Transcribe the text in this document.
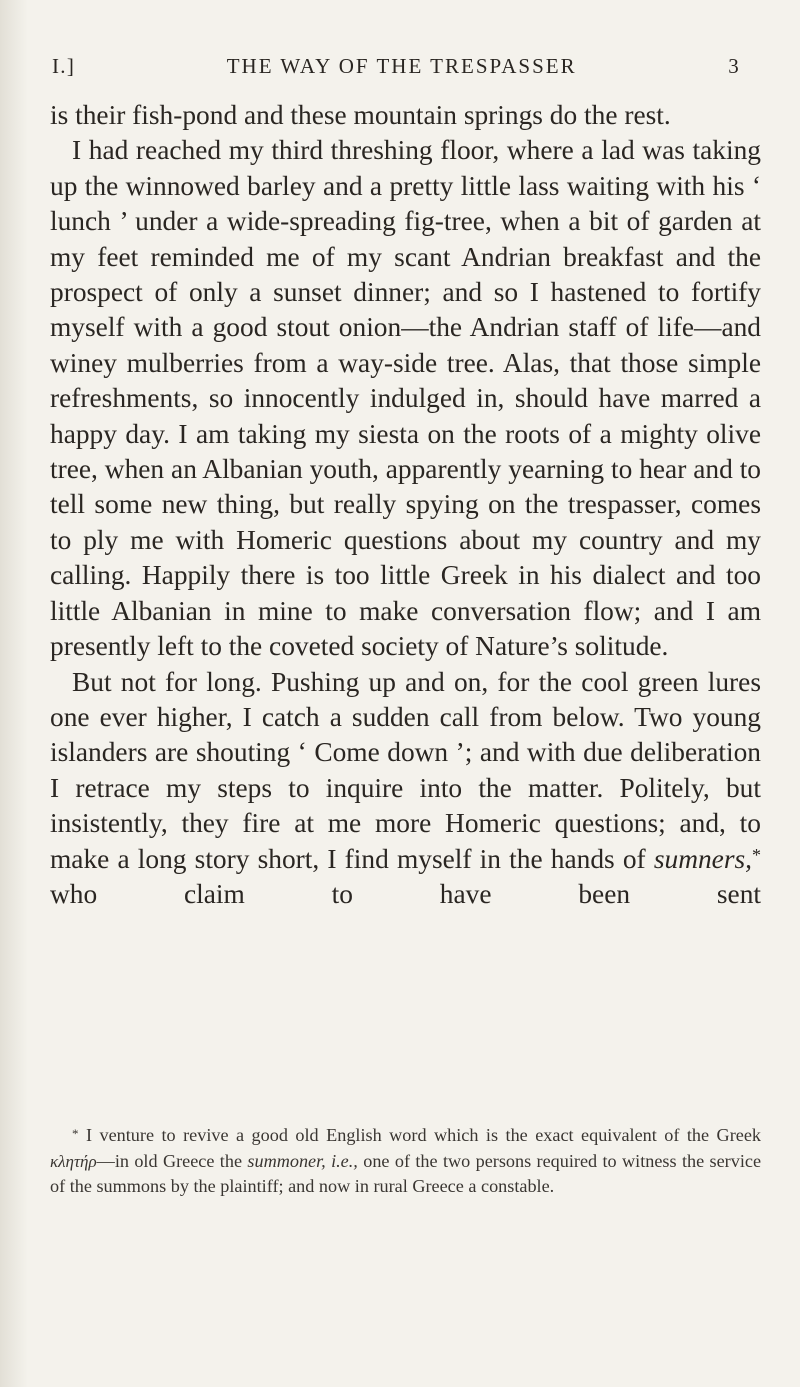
I.]	THE WAY OF THE TRESPASSER	3

is their fish-pond and these mountain springs do the rest.

I had reached my third threshing floor, where a lad was taking up the winnowed barley and a pretty little lass waiting with his ‘ lunch ’ under a wide-spreading fig-tree, when a bit of garden at my feet reminded me of my scant Andrian breakfast and the prospect of only a sunset dinner; and so I hastened to fortify myself with a good stout onion—the Andrian staff of life—and winey mulberries from a way-side tree. Alas, that those simple refreshments, so innocently indulged in, should have marred a happy day. I am taking my siesta on the roots of a mighty olive tree, when an Albanian youth, apparently yearning to hear and to tell some new thing, but really spying on the trespasser, comes to ply me with Homeric questions about my country and my calling. Happily there is too little Greek in his dialect and too little Albanian in mine to make conversation flow; and I am presently left to the coveted society of Nature’s solitude.

But not for long. Pushing up and on, for the cool green lures one ever higher, I catch a sudden call from below. Two young islanders are shouting ‘ Come down ’; and with due deliberation I retrace my steps to inquire into the matter. Politely, but insistently, they fire at me more Homeric questions; and, to make a long story short, I find myself in the hands of sumners,* who claim to have been sent

* I venture to revive a good old English word which is the exact equivalent of the Greek κλητήρ—in old Greece the summoner, i.e., one of the two persons required to witness the service of the summons by the plaintiff; and now in rural Greece a constable.
